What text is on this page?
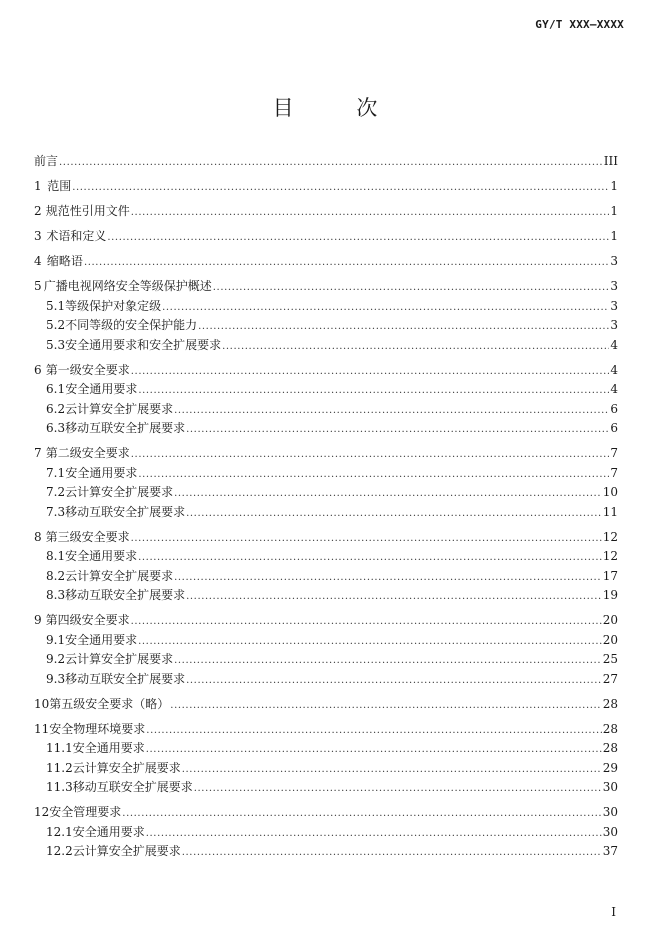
GY/T XXX—XXXX
目 次
前言 .....	III
1 范围 .....	1
2 规范性引用文件 .....	1
3 术语和定义 .....	1
4 缩略语 .....	3
5 广播电视网络安全等级保护概述 .....	3
5.1 等级保护对象定级 .....	3
5.2 不同等级的安全保护能力 .....	3
5.3 安全通用要求和安全扩展要求 .....	4
6 第一级安全要求 .....	4
6.1 安全通用要求 .....	4
6.2 云计算安全扩展要求 .....	6
6.3 移动互联安全扩展要求 .....	6
7 第二级安全要求 .....	7
7.1 安全通用要求 .....	7
7.2 云计算安全扩展要求 .....	10
7.3 移动互联安全扩展要求 .....	11
8 第三级安全要求 .....	12
8.1 安全通用要求 .....	12
8.2 云计算安全扩展要求 .....	17
8.3 移动互联安全扩展要求 .....	19
9 第四级安全要求 .....	20
9.1 安全通用要求 .....	20
9.2 云计算安全扩展要求 .....	25
9.3 移动互联安全扩展要求 .....	27
10 第五级安全要求（略） .....	28
11 安全物理环境要求 .....	28
11.1 安全通用要求 .....	28
11.2 云计算安全扩展要求 .....	29
11.3 移动互联安全扩展要求 .....	30
12 安全管理要求 .....	30
12.1 安全通用要求 .....	30
12.2 云计算安全扩展要求 .....	37
I
